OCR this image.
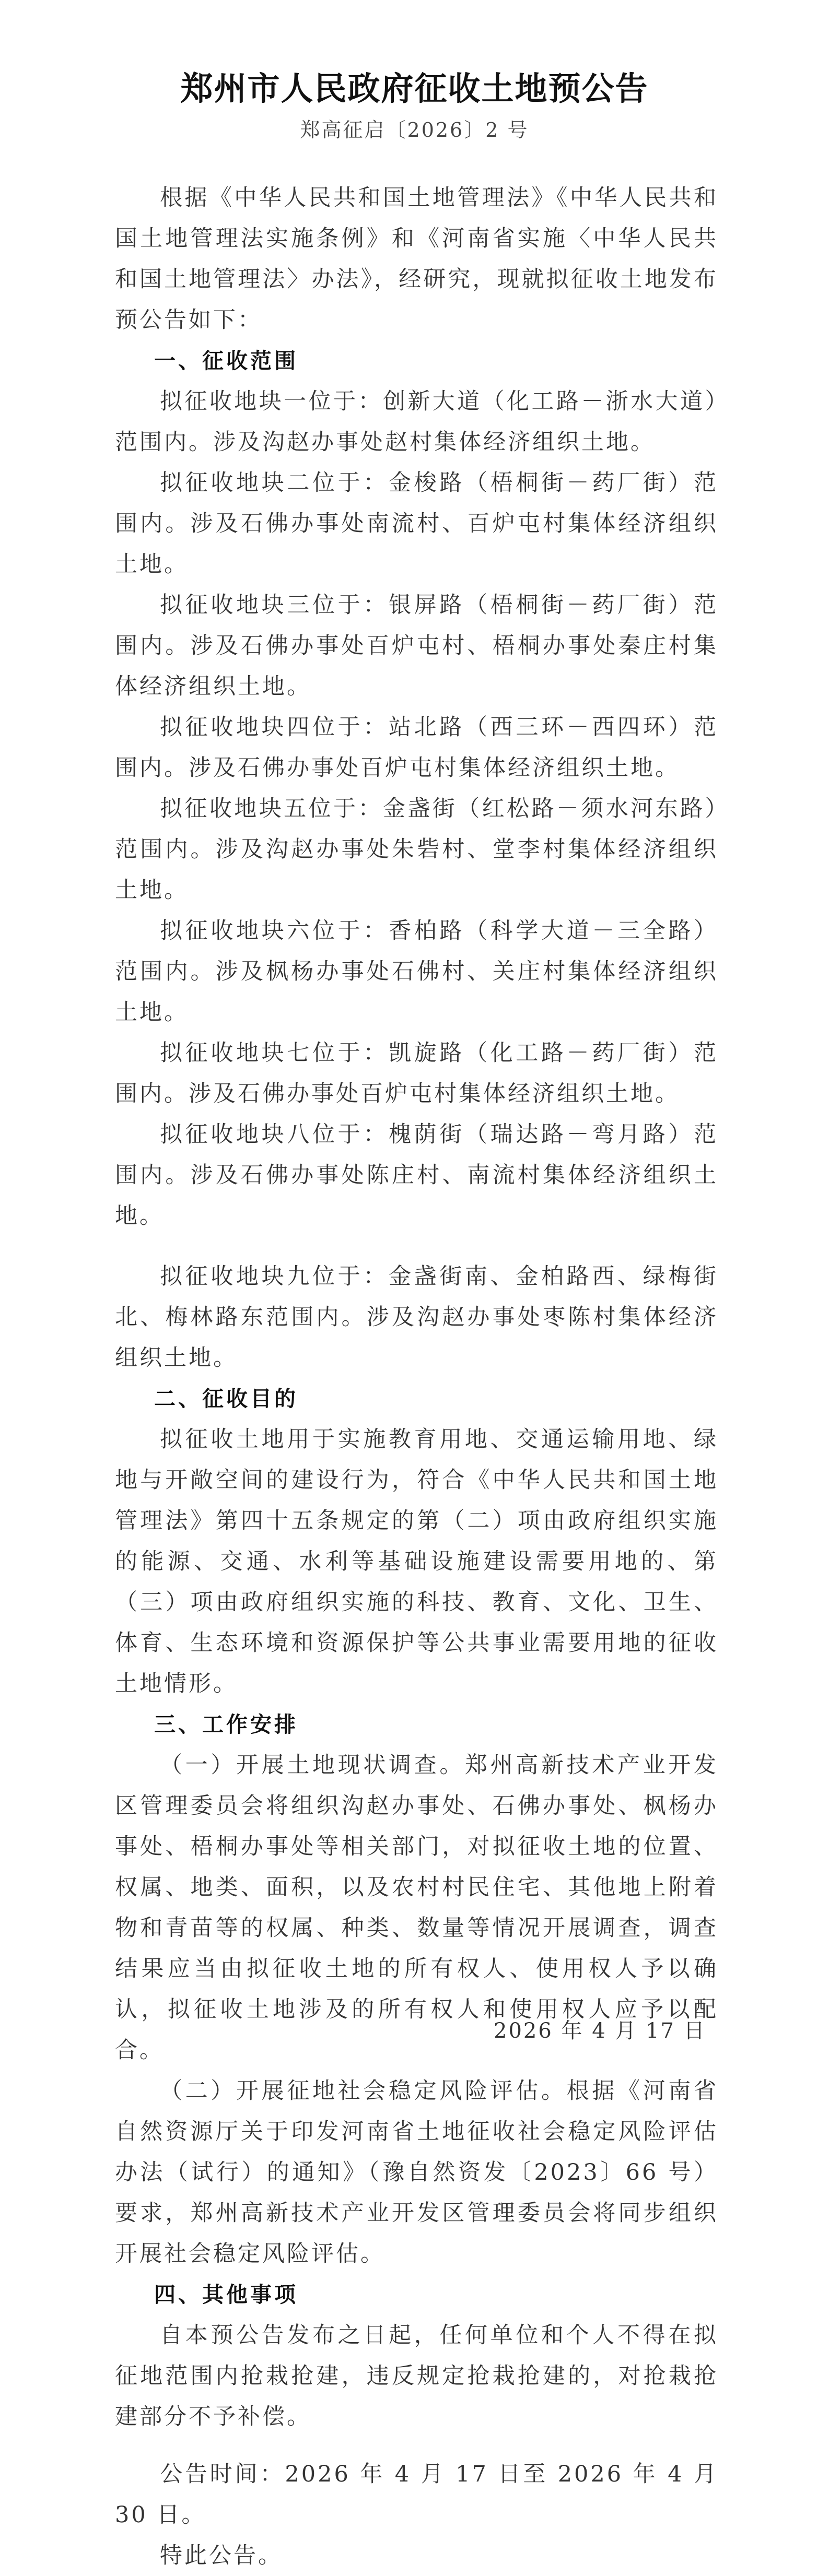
郑州市人民政府征收土地预公告
郑高征启〔2026〕2 号

根据《中华人民共和国土地管理法》《中华人民共和国土地管理法实施条例》和《河南省实施〈中华人民共和国土地管理法〉办法》，经研究，现就拟征收土地发布预公告如下：

一、征收范围

拟征收地块一位于：创新大道（化工路－浙水大道）范围内。涉及沟赵办事处赵村集体经济组织土地。

拟征收地块二位于：金梭路（梧桐街－药厂街）范围内。涉及石佛办事处南流村、百炉屯村集体经济组织土地。

拟征收地块三位于：银屏路（梧桐街－药厂街）范围内。涉及石佛办事处百炉屯村、梧桐办事处秦庄村集体经济组织土地。

拟征收地块四位于：站北路（西三环－西四环）范围内。涉及石佛办事处百炉屯村集体经济组织土地。

拟征收地块五位于：金盏街（红松路－须水河东路）范围内。涉及沟赵办事处朱砦村、堂李村集体经济组织土地。

拟征收地块六位于：香柏路（科学大道－三全路）范围内。涉及枫杨办事处石佛村、关庄村集体经济组织土地。

拟征收地块七位于：凯旋路（化工路－药厂街）范围内。涉及石佛办事处百炉屯村集体经济组织土地。

拟征收地块八位于：槐荫街（瑞达路－弯月路）范围内。涉及石佛办事处陈庄村、南流村集体经济组织土地。

拟征收地块九位于：金盏街南、金柏路西、绿梅街北、梅林路东范围内。涉及沟赵办事处枣陈村集体经济组织土地。

二、征收目的

拟征收土地用于实施教育用地、交通运输用地、绿地与开敞空间的建设行为，符合《中华人民共和国土地管理法》第四十五条规定的第（二）项由政府组织实施的能源、交通、水利等基础设施建设需要用地的、第（三）项由政府组织实施的科技、教育、文化、卫生、体育、生态环境和资源保护等公共事业需要用地的征收土地情形。

三、工作安排

（一）开展土地现状调查。郑州高新技术产业开发区管理委员会将组织沟赵办事处、石佛办事处、枫杨办事处、梧桐办事处等相关部门，对拟征收土地的位置、权属、地类、面积，以及农村村民住宅、其他地上附着物和青苗等的权属、种类、数量等情况开展调查，调查结果应当由拟征收土地的所有权人、使用权人予以确认，拟征收土地涉及的所有权人和使用权人应予以配合。

（二）开展征地社会稳定风险评估。根据《河南省自然资源厅关于印发河南省土地征收社会稳定风险评估办法（试行）的通知》（豫自然资发〔2023〕66 号）要求，郑州高新技术产业开发区管理委员会将同步组织开展社会稳定风险评估。

四、其他事项

自本预公告发布之日起，任何单位和个人不得在拟征地范围内抢栽抢建，违反规定抢栽抢建的，对抢栽抢建部分不予补偿。

公告时间：2026 年 4 月 17 日至 2026 年 4 月 30 日。

特此公告。

2026 年 4 月 17 日
